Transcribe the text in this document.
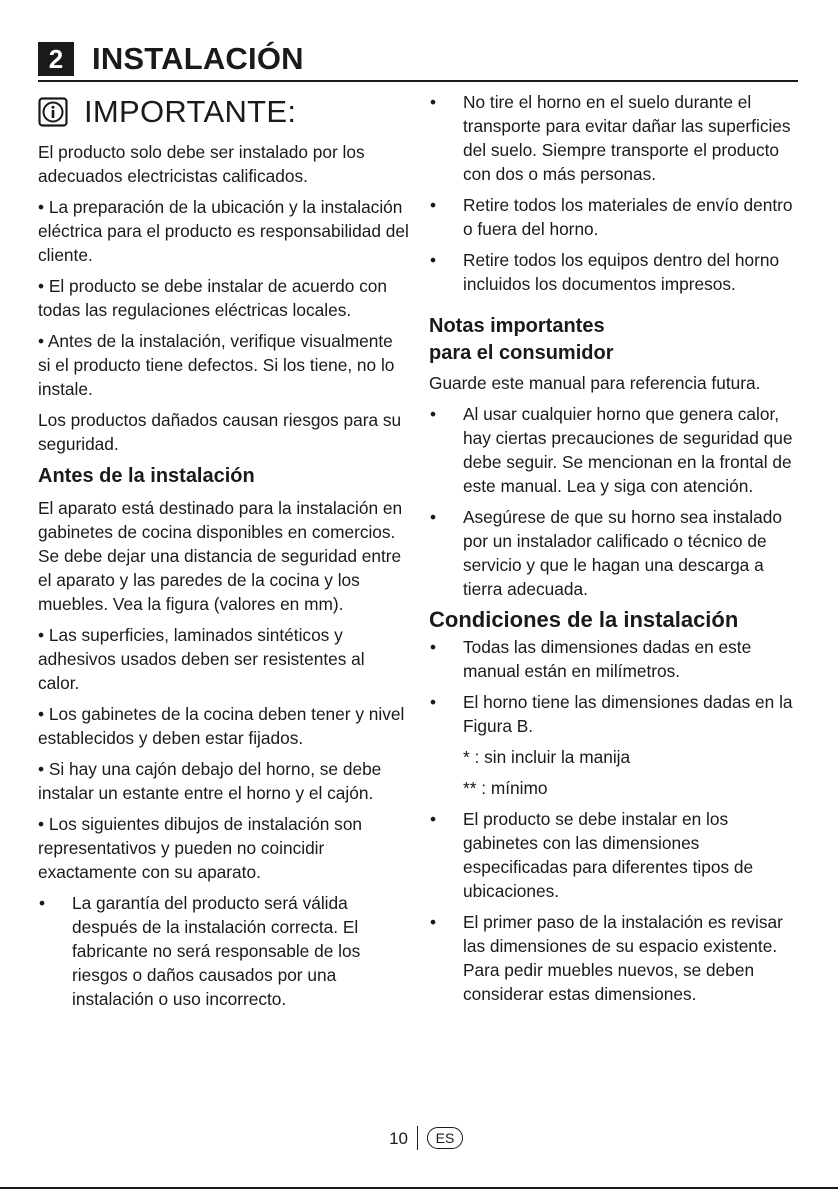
2 INSTALACIÓN
IMPORTANTE:

El producto solo debe ser instalado por los adecuados electricistas calificados.

• La preparación de la ubicación y la instalación eléctrica para el producto es responsabilidad del cliente.

• El producto se debe instalar de acuerdo con todas las regulaciones eléctricas locales.

• Antes de la instalación, verifique visualmente si el producto tiene defectos. Si los tiene, no lo instale.

Los productos dañados causan riesgos para su seguridad.

Antes de la instalación

El aparato está destinado para la instalación en gabinetes de cocina disponibles en comercios. Se debe dejar una distancia de seguridad entre el aparato y las paredes de la cocina y los muebles. Vea la figura (valores en mm).

• Las superficies, laminados sintéticos y adhesivos usados deben ser resistentes al calor.

• Los gabinetes de la cocina deben tener y nivel establecidos y deben estar fijados.

• Si hay una cajón debajo del horno, se debe instalar un estante entre el horno y el cajón.

• Los siguientes dibujos de instalación son representativos y pueden no coincidir exactamente con su aparato.

• La garantía del producto será válida después de la instalación correcta. El fabricante no será responsable de los riesgos o daños causados por una instalación o uso incorrecto.
• No tire el horno en el suelo durante el transporte para evitar dañar las superficies del suelo. Siempre transporte el producto con dos o más personas.
• Retire todos los materiales de envío dentro o fuera del horno.
• Retire todos los equipos dentro del horno incluidos los documentos impresos.
Notas importantes
para el consumidor

Guarde este manual para referencia futura.

• Al usar cualquier horno que genera calor, hay ciertas precauciones de seguridad que debe seguir. Se mencionan en la frontal de este manual. Lea y siga con atención.
• Asegúrese de que su horno sea instalado por un instalador calificado o técnico de servicio y que le hagan una descarga a tierra adecuada.
Condiciones de la instalación
• Todas las dimensiones dadas en este manual están en milímetros.
• El horno tiene las dimensiones dadas en la Figura B.

* : sin incluir la manija

** : mínimo

• El producto se debe instalar en los gabinetes con las dimensiones especificadas para diferentes tipos de ubicaciones.
• El primer paso de la instalación es revisar las dimensiones de su espacio existente. Para pedir muebles nuevos, se deben considerar estas dimensiones.
10	ES
